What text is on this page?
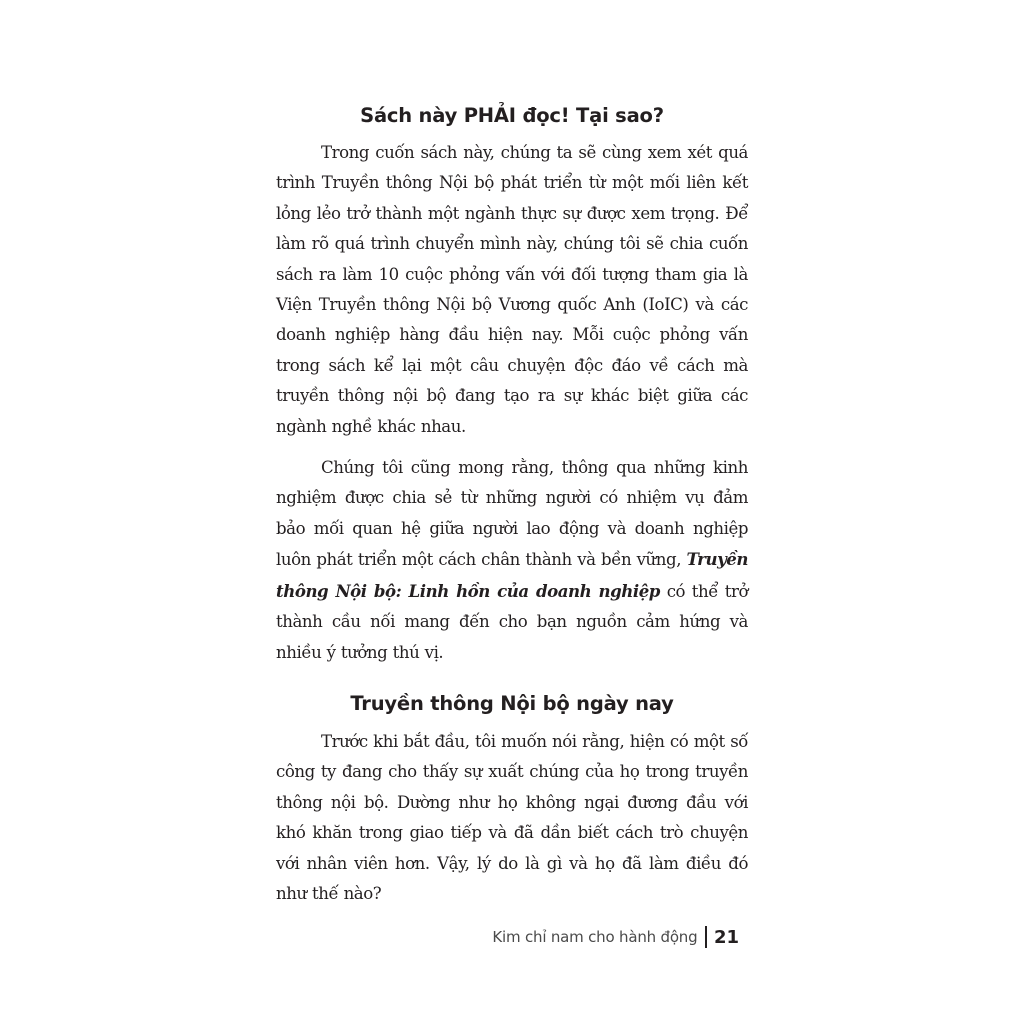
Sách này PHẢI đọc! Tại sao?

Trong cuốn sách này, chúng ta sẽ cùng xem xét quá trình Truyền thông Nội bộ phát triển từ một mối liên kết lỏng lẻo trở thành một ngành thực sự được xem trọng. Để làm rõ quá trình chuyển mình này, chúng tôi sẽ chia cuốn sách ra làm 10 cuộc phỏng vấn với đối tượng tham gia là Viện Truyền thông Nội bộ Vương quốc Anh (IoIC) và các doanh nghiệp hàng đầu hiện nay. Mỗi cuộc phỏng vấn trong sách kể lại một câu chuyện độc đáo về cách mà truyền thông nội bộ đang tạo ra sự khác biệt giữa các ngành nghề khác nhau.

Chúng tôi cũng mong rằng, thông qua những kinh nghiệm được chia sẻ từ những người có nhiệm vụ đảm bảo mối quan hệ giữa người lao động và doanh nghiệp luôn phát triển một cách chân thành và bền vững, Truyền thông Nội bộ: Linh hồn của doanh nghiệp có thể trở thành cầu nối mang đến cho bạn nguồn cảm hứng và nhiều ý tưởng thú vị.

Truyền thông Nội bộ ngày nay

Trước khi bắt đầu, tôi muốn nói rằng, hiện có một số công ty đang cho thấy sự xuất chúng của họ trong truyền thông nội bộ. Dường như họ không ngại đương đầu với khó khăn trong giao tiếp và đã dần biết cách trò chuyện với nhân viên hơn. Vậy, lý do là gì và họ đã làm điều đó như thế nào?

Kim chỉ nam cho hành động 21
